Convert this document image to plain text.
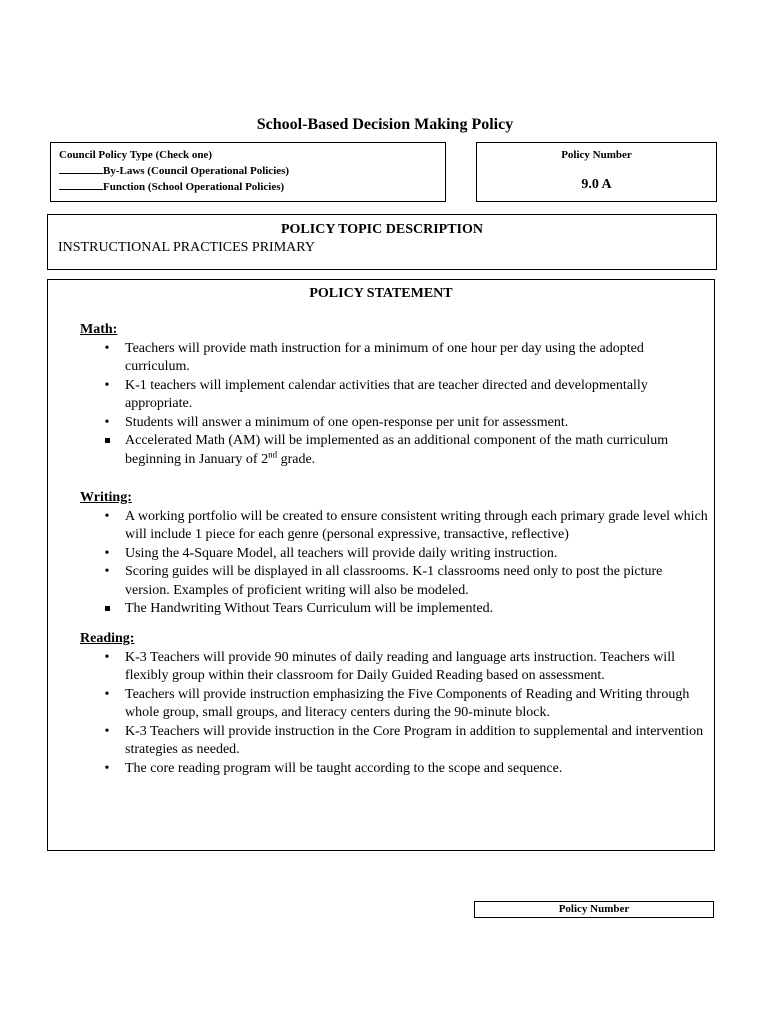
School-Based Decision Making Policy
Council Policy Type (Check one)
By-Laws (Council Operational Policies)
Function (School Operational Policies)
Policy Number
9.0 A
POLICY TOPIC DESCRIPTION
INSTRUCTIONAL PRACTICES PRIMARY
POLICY STATEMENT
Math:
•
Teachers will provide math instruction for a minimum of one hour per day using the adopted curriculum.
•
K-1 teachers will implement calendar activities that are teacher directed and developmentally appropriate.
•
Students will answer a minimum of one open-response per unit for assessment.
Accelerated Math (AM) will be implemented as an additional component of the math curriculum beginning in January of 2nd grade.
Writing:
•
A working portfolio will be created to ensure consistent writing through each primary grade level which will include 1 piece for each genre (personal expressive, transactive, reflective)
•
Using the 4-Square Model, all teachers will provide daily writing instruction.
•
Scoring guides will be displayed in all classrooms. K-1 classrooms need only to post the picture version. Examples of proficient writing will also be modeled.
The Handwriting Without Tears Curriculum will be implemented.
Reading:
•
K-3 Teachers will provide 90 minutes of daily reading and language arts instruction. Teachers will flexibly group within their classroom for Daily Guided Reading based on assessment.
•
Teachers will provide instruction emphasizing the Five Components of Reading and Writing through whole group, small groups, and literacy centers during the 90-minute block.
•
K-3 Teachers will provide instruction in the Core Program in addition to supplemental and intervention strategies as needed.
•
The core reading program will be taught according to the scope and sequence.
Policy Number
